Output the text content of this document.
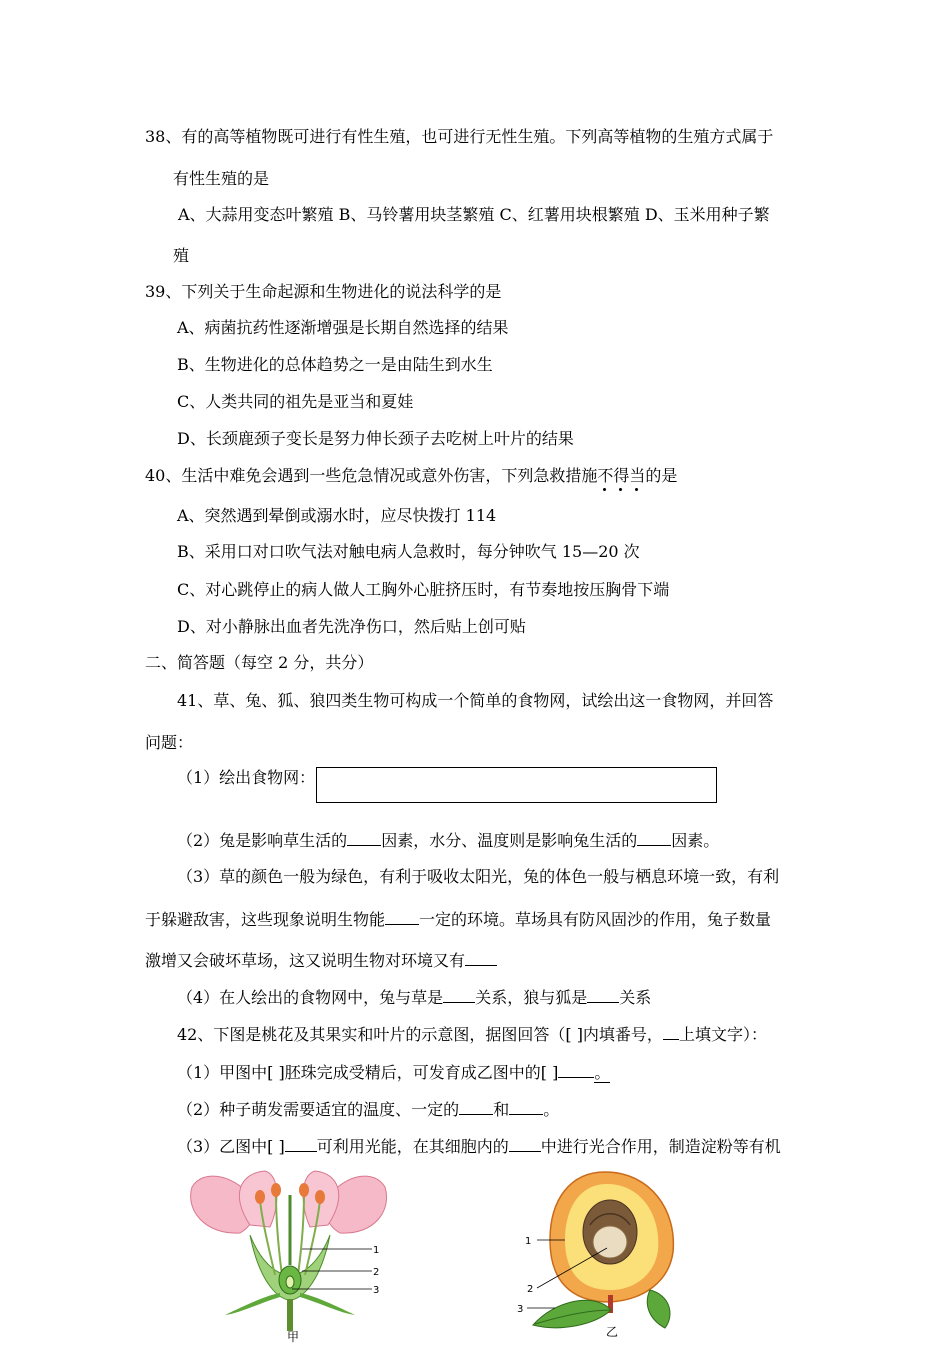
38、有的高等植物既可进行有性生殖，也可进行无性生殖。下列高等植物的生殖方式属于
有性生殖的是
A、大蒜用变态叶繁殖 B、马铃薯用块茎繁殖 C、红薯用块根繁殖 D、玉米用种子繁
殖
39、下列关于生命起源和生物进化的说法科学的是
A、病菌抗药性逐渐增强是长期自然选择的结果
B、生物进化的总体趋势之一是由陆生到水生
C、人类共同的祖先是亚当和夏娃
D、长颈鹿颈子变长是努力伸长颈子去吃树上叶片的结果
40、生活中难免会遇到一些危急情况或意外伤害，下列急救措施不得当
的是
A、突然遇到晕倒或溺水时，应尽快拨打 114
B、采用口对口吹气法对触电病人急救时，每分钟吹气 15—20 次
C、对心跳停止的病人做人工胸外心脏挤压时，有节奏地按压胸骨下端
D、对小静脉出血者先洗净伤口，然后贴上创可贴
二、简答题（每空 2 分，共分）
41、草、兔、狐、狼四类生物可构成一个简单的食物网，试绘出这一食物网，并回答
问题：
（1）绘出食物网：
（2）兔是影响草生活的 因素，水分、温度则是影响兔生活的 因素。
（3）草的颜色一般为绿色，有利于吸收太阳光，兔的体色一般与栖息环境一致，有利
于躲避敌害，这些现象说明生物能 一定的环境。草场具有防风固沙的作用，兔子数量
激增又会破坏草场，这又说明生物对环境又有
（4）在人绘出的食物网中，兔与草是 关系，狼与狐是 关系
42、下图是桃花及其果实和叶片的示意图，据图回答（[ ]内填番号， 上填文字）：
（1）甲图中[ ]胚珠完成受精后，可发育成乙图中的[ ] 。
（2）种子萌发需要适宜的温度、一定的 和 。
（3）乙图中[ ] 可利用光能，在其细胞内的 中进行光合作用，制造淀粉等有机
1
2
3
甲
1
2
3
乙
